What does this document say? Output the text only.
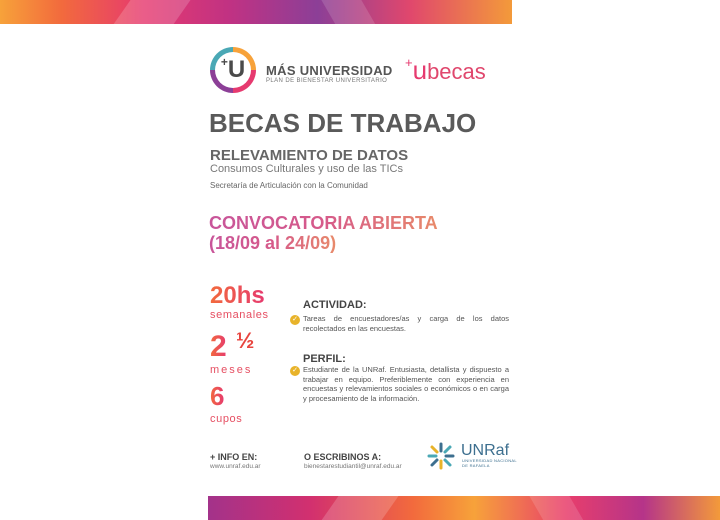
+U	MÁS UNIVERSIDAD
PLAN DE BIENESTAR UNIVERSITARIO
+ubecas
BECAS DE TRABAJO
RELEVAMIENTO DE DATOS
Consumos Culturales y uso de las TICs
Secretaría de Articulación con la Comunidad
CONVOCATORIA ABIERTA
(18/09 al 24/09)
20hs
semanales
2 ½
meses
6
cupos
ACTIVIDAD:
✓ Tareas de encuestadores/as y carga de los datos recolectados en las encuestas.
PERFIL:
✓ Estudiante de la UNRaf. Entusiasta, detallista y dispuesto a trabajar en equipo. Preferiblemente con experiencia en encuestas y relevamientos sociales o económicos o en carga y procesamiento de la información.
+ INFO EN:
www.unraf.edu.ar
O ESCRIBINOS A:
bienestarestudiantil@unraf.edu.ar
UNRaf
UNIVERSIDAD NACIONAL DE RAFAELA
